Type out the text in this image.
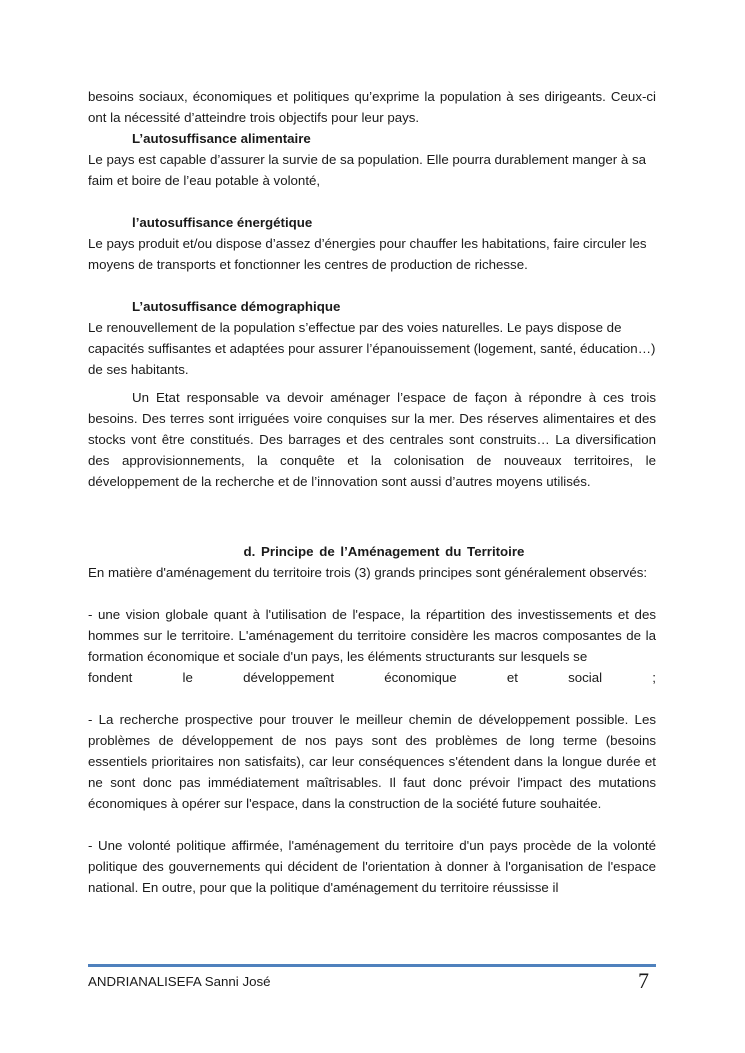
besoins sociaux, économiques et politiques qu’exprime la population à ses dirigeants. Ceux-ci ont la nécessité d’atteindre trois objectifs pour leur pays.

L’autosuffisance alimentaire

Le pays est capable d’assurer la survie de sa population. Elle pourra durablement manger à sa faim et boire de l’eau potable à volonté,

l’autosuffisance énergétique

Le pays produit et/ou dispose d’assez d’énergies pour chauffer les habitations, faire circuler les moyens de transports et fonctionner les centres de production de richesse.

L’autosuffisance démographique

Le renouvellement de la population s’effectue par des voies naturelles. Le pays dispose de capacités suffisantes et adaptées pour assurer l’épanouissement (logement, santé, éducation…) de ses habitants.

Un Etat responsable va devoir aménager l’espace de façon à répondre à ces trois besoins. Des terres sont irriguées voire conquises sur la mer. Des réserves alimentaires et des stocks vont être constitués. Des barrages et des centrales sont construits… La diversification des approvisionnements, la conquête et la colonisation de nouveaux territoires, le développement de la recherche et de l’innovation sont aussi d’autres moyens utilisés.

d. Principe de l’Aménagement du Territoire

En matière d'aménagement du territoire trois (3) grands principes sont généralement observés:

- une vision globale quant à l'utilisation de l'espace, la répartition des investissements et des hommes sur le territoire. L'aménagement du territoire considère les macros composantes de la formation économique et sociale d'un pays, les éléments structurants sur lesquels se

fondent le développement économique et social ;

- La recherche prospective pour trouver le meilleur chemin de développement possible. Les problèmes de développement de nos pays sont des problèmes de long terme (besoins essentiels prioritaires non satisfaits), car leur conséquences s'étendent dans la longue durée et ne sont donc pas immédiatement maîtrisables. Il faut donc prévoir l'impact des mutations économiques à opérer sur l'espace, dans la construction de la société future souhaitée.

- Une volonté politique affirmée, l'aménagement du territoire d'un pays procède de la volonté politique des gouvernements qui décident de l'orientation à donner à l'organisation de l'espace national. En outre, pour que la politique d'aménagement du territoire réussisse il

ANDRIANALISEFA Sanni José	7
